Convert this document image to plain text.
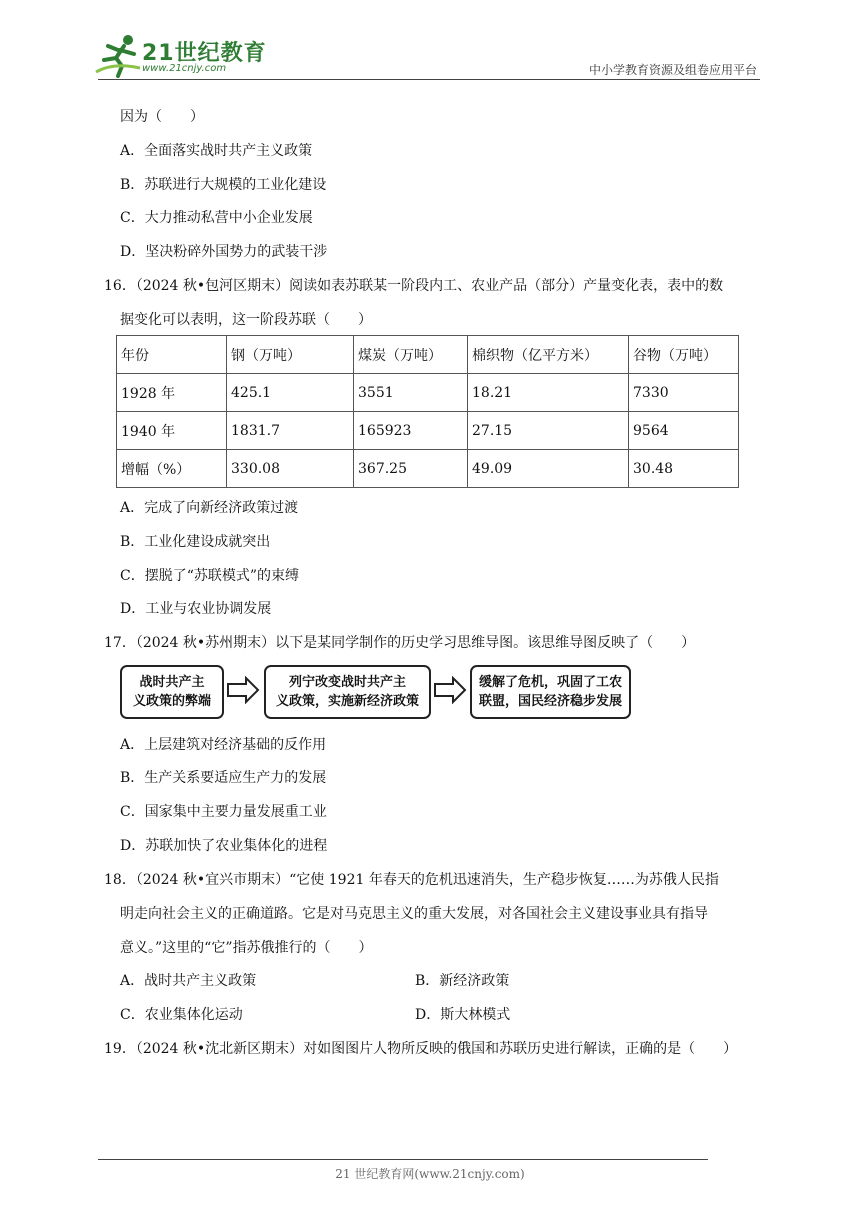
21世纪教育
www.21cnjy.com	中小学教育资源及组卷应用平台
因为（　　）
A．全面落实战时共产主义政策
B．苏联进行大规模的工业化建设
C．大力推动私营中小企业发展
D．坚决粉碎外国势力的武装干涉
16．（2024 秋•包河区期末）阅读如表苏联某一阶段内工、农业产品（部分）产量变化表，表中的数
据变化可以表明，这一阶段苏联（　　）
年份	钢（万吨）	煤炭（万吨）	棉织物（亿平方米）	谷物（万吨）
1928 年	425.1	3551	18.21	7330
1940 年	1831.7	165923	27.15	9564
增幅（%）	330.08	367.25	49.09	30.48
A．完成了向新经济政策过渡
B．工业化建设成就突出
C．摆脱了“苏联模式”的束缚
D．工业与农业协调发展
17．（2024 秋•苏州期末）以下是某同学制作的历史学习思维导图。该思维导图反映了（　　）
战时共产主
义政策的弊端
列宁改变战时共产主
义政策，实施新经济政策
缓解了危机，巩固了工农
联盟，国民经济稳步发展
A．上层建筑对经济基础的反作用
B．生产关系要适应生产力的发展
C．国家集中主要力量发展重工业
D．苏联加快了农业集体化的进程
18．（2024 秋•宜兴市期末）“它使 1921 年春天的危机迅速消失，生产稳步恢复……为苏俄人民指
明走向社会主义的正确道路。它是对马克思主义的重大发展，对各国社会主义建设事业具有指导
意义。”这里的“它”指苏俄推行的（　　）
A．战时共产主义政策	B．新经济政策
C．农业集体化运动	D．斯大林模式
19．（2024 秋•沈北新区期末）对如图图片人物所反映的俄国和苏联历史进行解读，正确的是（　　）
21 世纪教育网(www.21cnjy.com)
